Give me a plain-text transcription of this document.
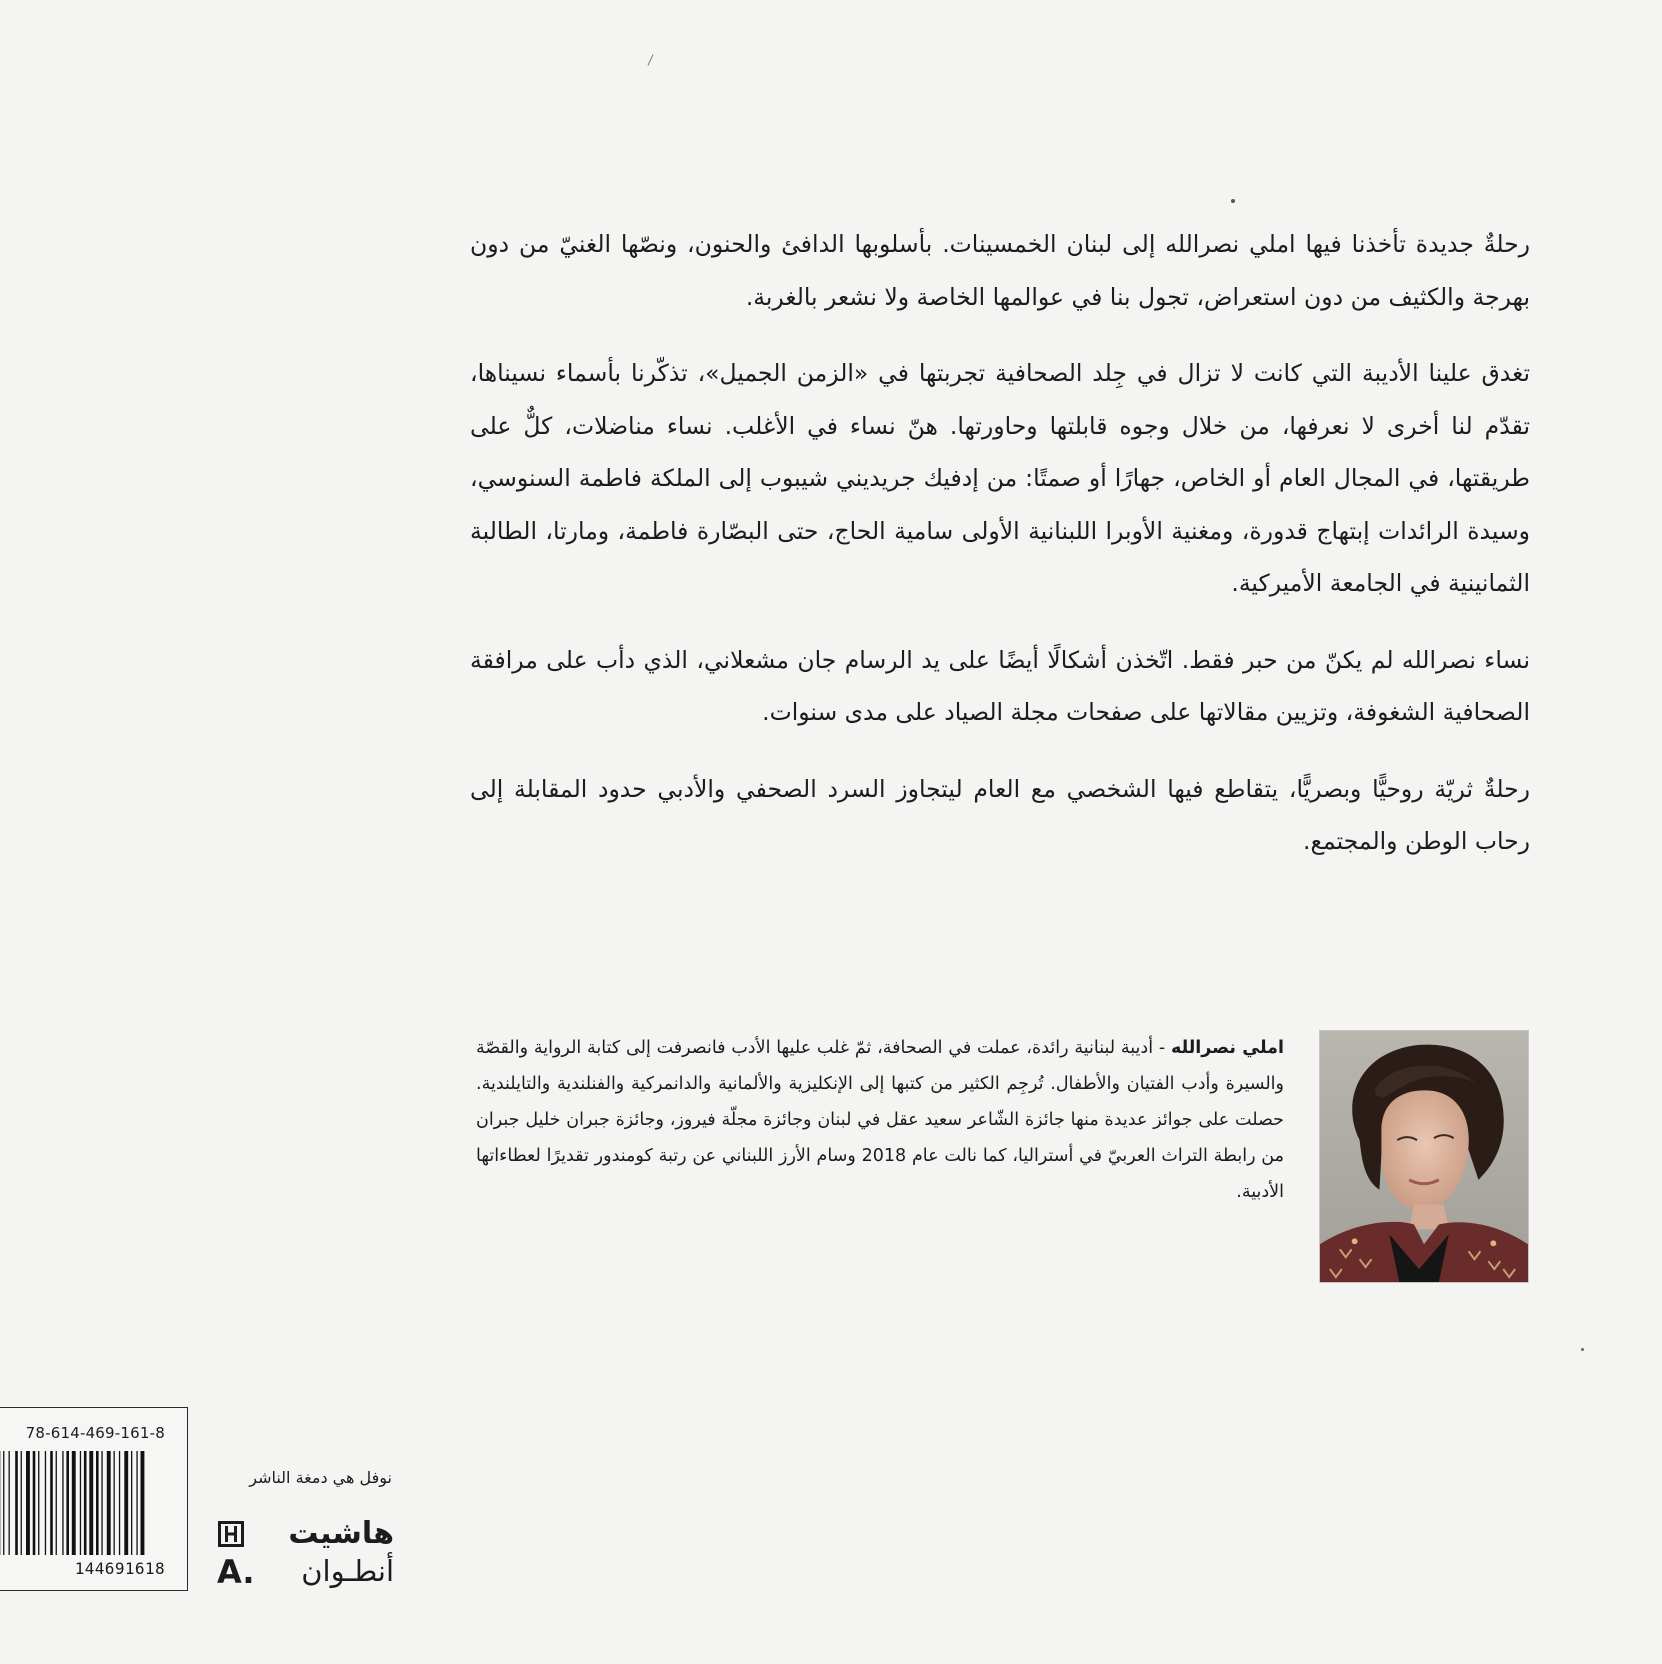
رحلةٌ جديدة تأخذنا فيها املي نصرالله إلى لبنان الخمسينات. بأسلوبها الدافئ والحنون، ونصّها الغنيّ من دون بهرجة والكثيف من دون استعراض، تجول بنا في عوالمها الخاصة ولا نشعر بالغربة.

تغدق علينا الأديبة التي كانت لا تزال في جِلد الصحافية تجربتها في «الزمن الجميل»، تذكّرنا بأسماء نسيناها، تقدّم لنا أخرى لا نعرفها، من خلال وجوه قابلتها وحاورتها. هنّ نساء في الأغلب. نساء مناضلات، كلٌّ على طريقتها، في المجال العام أو الخاص، جهارًا أو صمتًا: من إدفيك جريديني شيبوب إلى الملكة فاطمة السنوسي، وسيدة الرائدات إبتهاج قدورة، ومغنية الأوبرا اللبنانية الأولى سامية الحاج، حتى البصّارة فاطمة، ومارتا، الطالبة الثمانينية في الجامعة الأميركية.

نساء نصرالله لم يكنّ من حبر فقط. اتّخذن أشكالًا أيضًا على يد الرسام جان مشعلاني، الذي دأب على مرافقة الصحافية الشغوفة، وتزيين مقالاتها على صفحات مجلة الصياد على مدى سنوات.

رحلةٌ ثريّة روحيًّا وبصريًّا، يتقاطع فيها الشخصي مع العام ليتجاوز السرد الصحفي والأدبي حدود المقابلة إلى رحاب الوطن والمجتمع.

املي نصرالله - أديبة لبنانية رائدة، عملت في الصحافة، ثمّ غلب عليها الأدب فانصرفت إلى كتابة الرواية والقصّة والسيرة وأدب الفتيان والأطفال. تُرجِم الكثير من كتبها إلى الإنكليزية والألمانية والدانمركية والفنلندية والتايلندية. حصلت على جوائز عديدة منها جائزة الشّاعر سعيد عقل في لبنان وجائزة مجلّة فيروز، وجائزة جبران خليل جبران من رابطة التراث العربيّ في أستراليا، كما نالت عام 2018 وسام الأرز اللبناني عن رتبة كومندور تقديرًا لعطاءاتها الأدبية.

78-614-469-161-8
144691618
نوفل هي دمغة الناشر
هاشيت
أنطـوان
A.
